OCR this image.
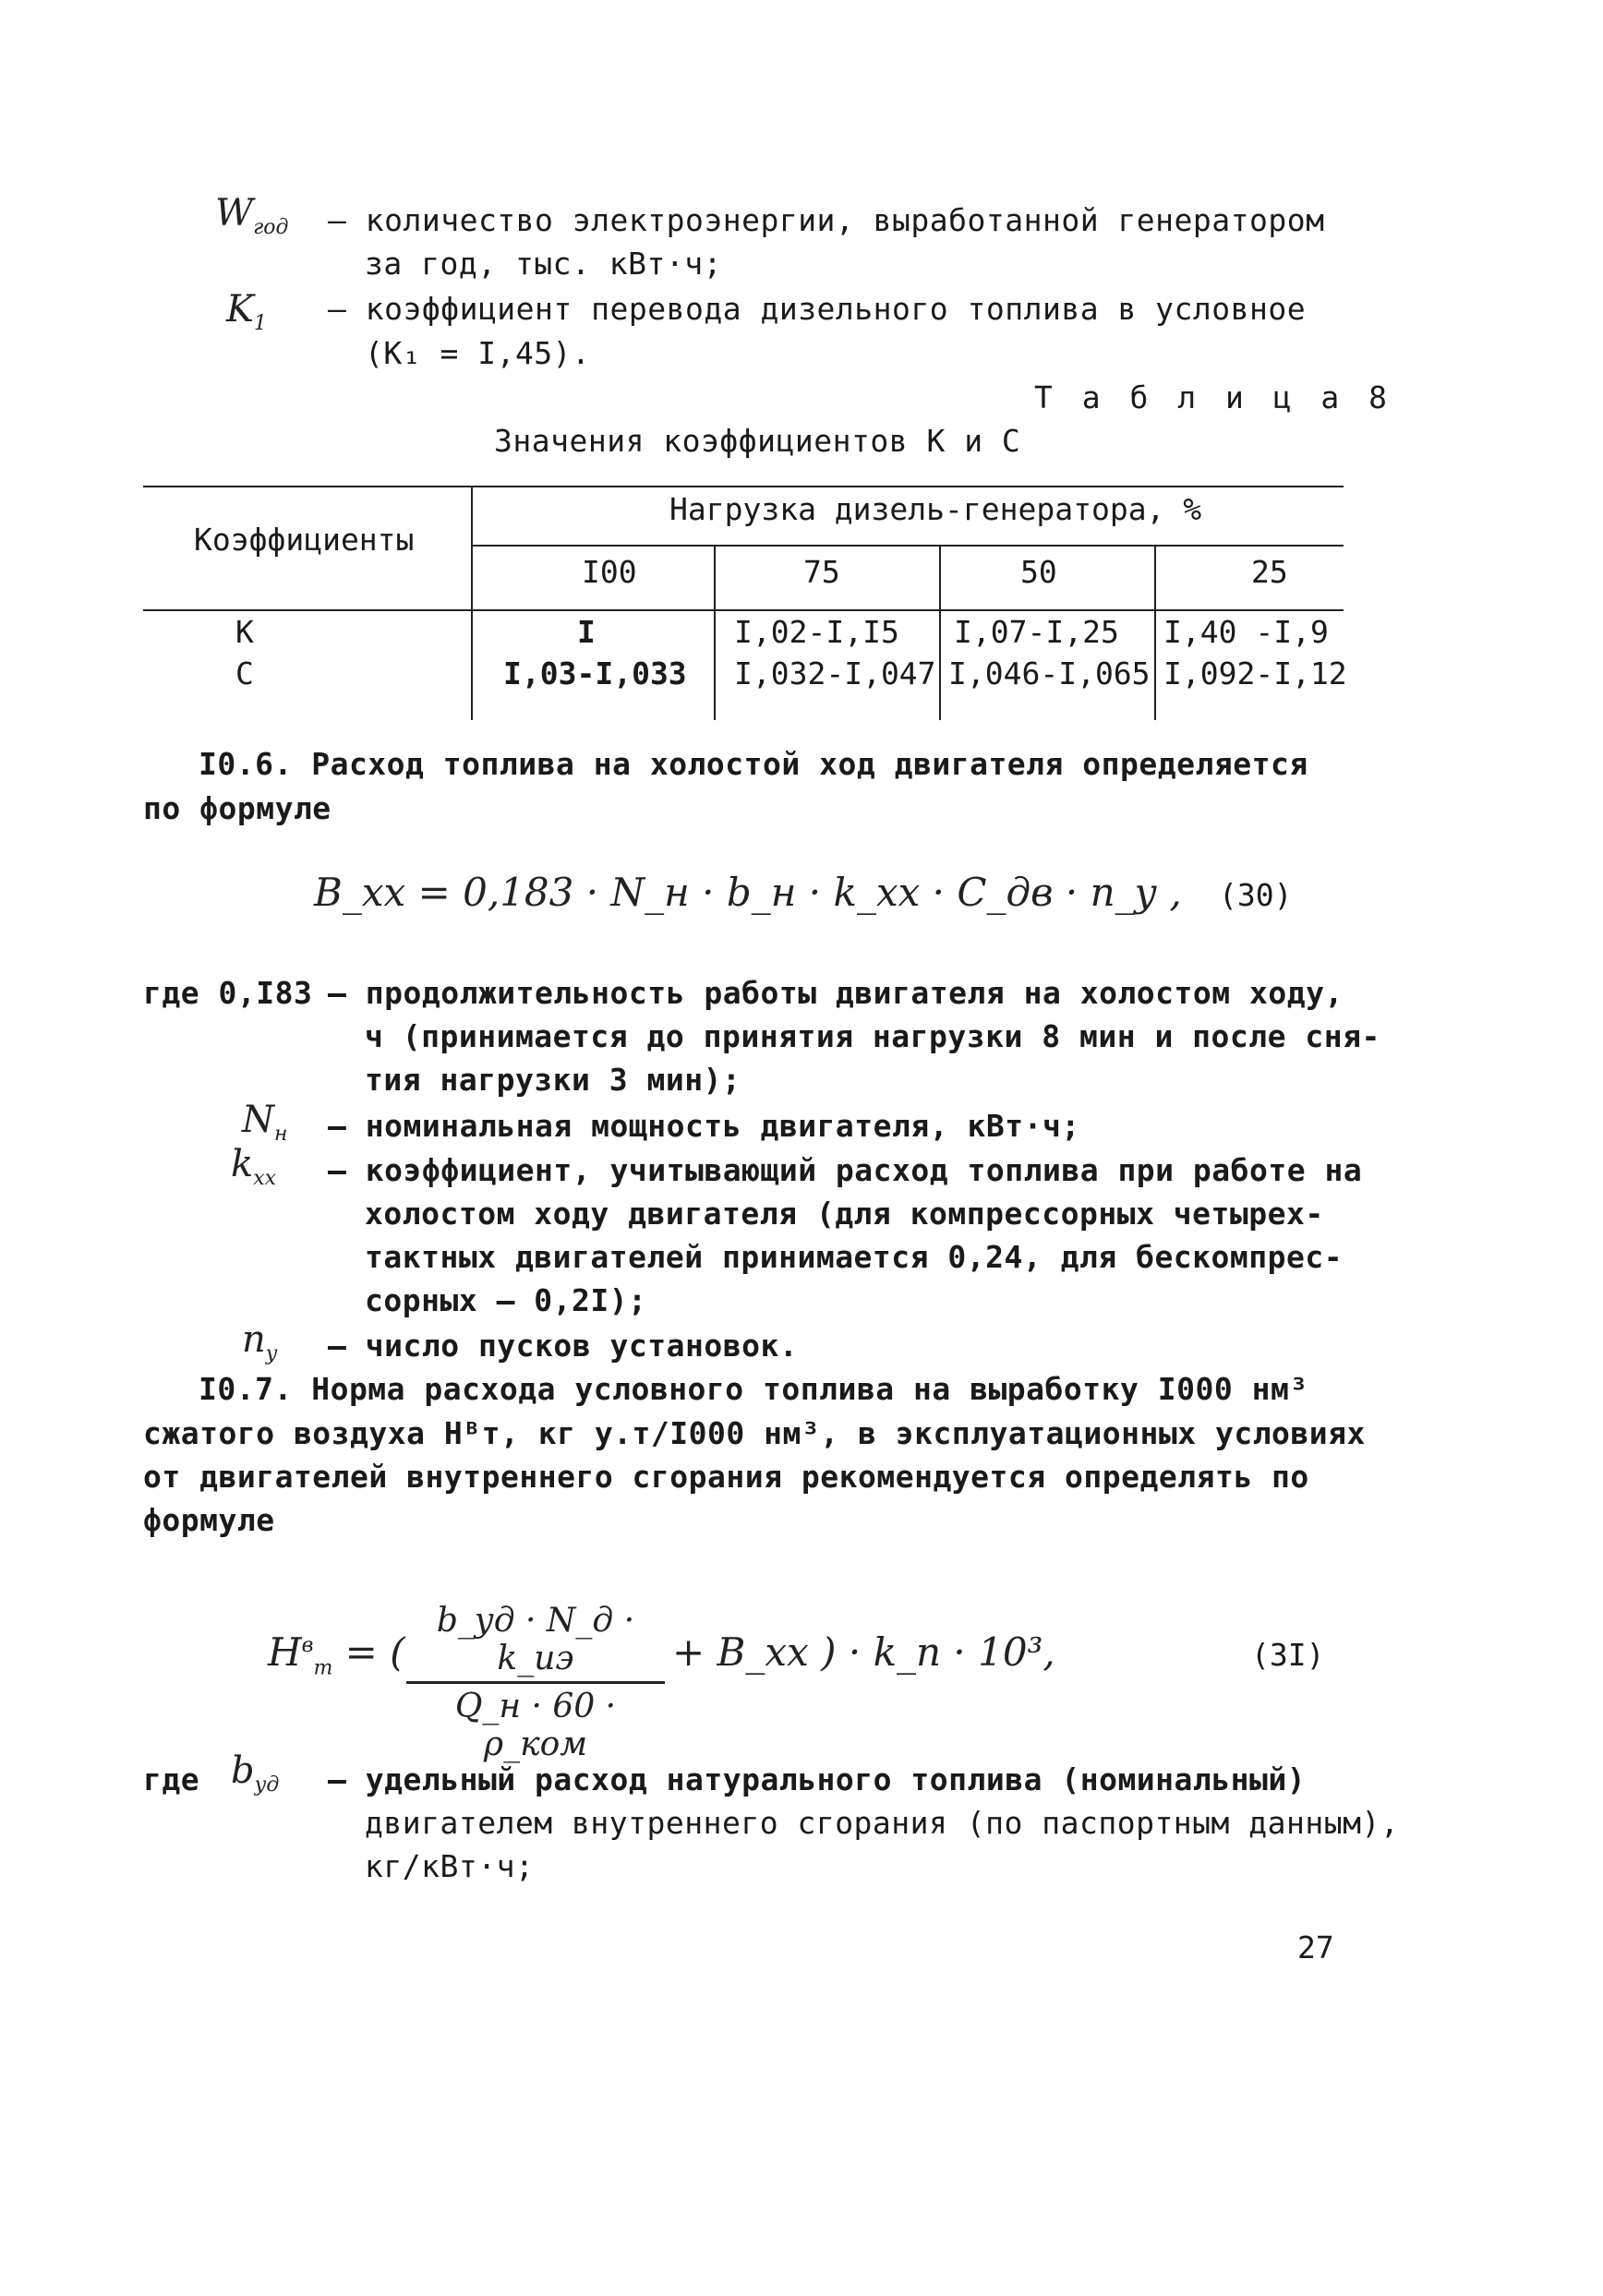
$W_{год}$ – количество электроэнергии, выработанной генератором
за год, тыс. кВт·ч;
$K_1$ – коэффициент перевода дизельного топлива в условное
(K₁ = I,45).
Т а б л и ц а 8
Значения коэффициентов К и С
Коэффициенты
Нагрузка дизель-генератора, %
I00	75	50	25
К	I	I,02-I,I5 I,07-I,25 I,40 -I,9
С	I,03-I,033 I,032-I,047 I,046-I,065 I,092-I,12
I0.6. Расход топлива на холостой ход двигателя определяется
по формуле
B_xx = 0,183 · N_н · b_н · k_xx · C_дв · n_у , (30)
где 0,I83 – продолжительность работы двигателя на холостом ходу,
ч (принимается до принятия нагрузки 8 мин и после сня-
тия нагрузки 3 мин);
$N_н$ – номинальная мощность двигателя, кВт·ч;
$k_{xx}$ – коэффициент, учитывающий расход топлива при работе на
холостом ходу двигателя (для компрессорных четырех-
тактных двигателей принимается 0,24, для бескомпрес-
сорных – 0,2I);
$n_у$ – число пусков установок.
I0.7. Норма расхода условного топлива на выработку I000 нм³
сжатого воздуха Hᴮт, кг у.т/I000 нм³, в эксплуатационных условиях
от двигателей внутреннего сгорания рекомендуется определять по
формуле
$H^в_т$ = (
b_уд · N_д · k_иэ
Q_н · 60 · ρ_ком
+ B_xx ) · k_п · 10³,	(3I)
где $b_{уд}$ – удельный расход натурального топлива (номинальный)
двигателем внутреннего сгорания (по паспортным данным),
кг/кВт·ч;
27
